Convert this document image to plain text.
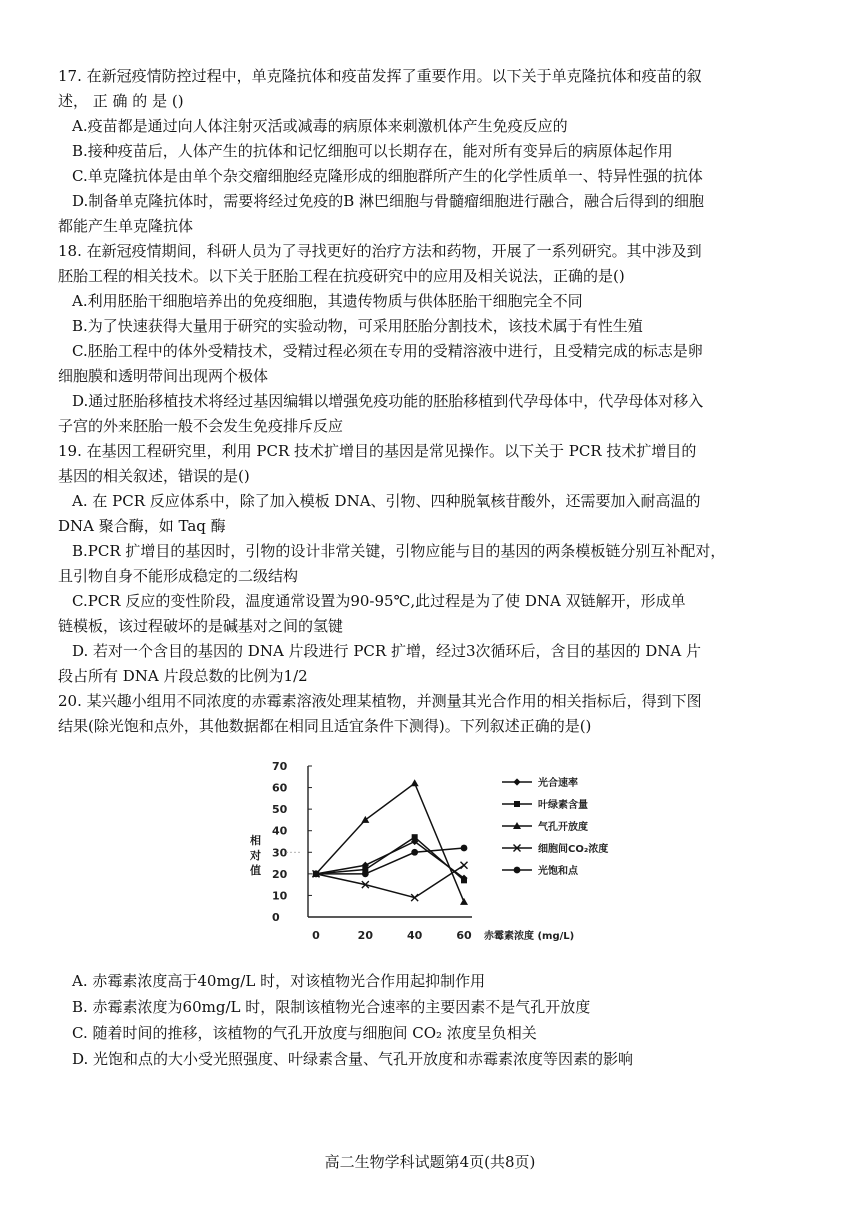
17. 在新冠疫情防控过程中，单克隆抗体和疫苗发挥了重要作用。以下关于单克隆抗体和疫苗的叙
述， 正 确 的 是 ()
A.疫苗都是通过向人体注射灭活或减毒的病原体来刺激机体产生免疫反应的
B.接种疫苗后，人体产生的抗体和记忆细胞可以长期存在，能对所有变异后的病原体起作用
C.单克隆抗体是由单个杂交瘤细胞经克隆形成的细胞群所产生的化学性质单一、特异性强的抗体
D.制备单克隆抗体时，需要将经过免疫的B 淋巴细胞与骨髓瘤细胞进行融合，融合后得到的细胞
都能产生单克隆抗体
18. 在新冠疫情期间，科研人员为了寻找更好的治疗方法和药物，开展了一系列研究。其中涉及到
胚胎工程的相关技术。以下关于胚胎工程在抗疫研究中的应用及相关说法，正确的是()
A.利用胚胎干细胞培养出的免疫细胞，其遗传物质与供体胚胎干细胞完全不同
B.为了快速获得大量用于研究的实验动物，可采用胚胎分割技术，该技术属于有性生殖
C.胚胎工程中的体外受精技术，受精过程必须在专用的受精溶液中进行，且受精完成的标志是卵
细胞膜和透明带间出现两个极体
D.通过胚胎移植技术将经过基因编辑以增强免疫功能的胚胎移植到代孕母体中，代孕母体对移入
子宫的外来胚胎一般不会发生免疫排斥反应
19. 在基因工程研究里，利用 PCR 技术扩增目的基因是常见操作。以下关于 PCR 技术扩增目的
基因的相关叙述，错误的是()
A. 在 PCR 反应体系中，除了加入模板 DNA、引物、四种脱氧核苷酸外，还需要加入耐高温的
DNA 聚合酶，如 Taq 酶
B.PCR 扩增目的基因时，引物的设计非常关键，引物应能与目的基因的两条模板链分别互补配对，
且引物自身不能形成稳定的二级结构
C.PCR 反应的变性阶段，温度通常设置为90-95℃,此过程是为了使 DNA 双链解开，形成单
链模板，该过程破坏的是碱基对之间的氢键
D. 若对一个含目的基因的 DNA 片段进行 PCR 扩增，经过3次循环后，含目的基因的 DNA 片
段占所有 DNA 片段总数的比例为1/2
20. 某兴趣小组用不同浓度的赤霉素溶液处理某植物，并测量其光合作用的相关指标后，得到下图
结果(除光饱和点外，其他数据都在相同且适宜条件下测得)。下列叙述正确的是()
0
10
20
30
40
50
60
70
0	20	40	60
相
对
值
赤霉素浓度 (mg/L)
光合速率
叶绿素含量
气孔开放度
细胞间CO₂浓度
光饱和点
A. 赤霉素浓度高于40mg/L 时，对该植物光合作用起抑制作用
B. 赤霉素浓度为60mg/L 时，限制该植物光合速率的主要因素不是气孔开放度
C. 随着时间的推移，该植物的气孔开放度与细胞间 CO₂ 浓度呈负相关
D. 光饱和点的大小受光照强度、叶绿素含量、气孔开放度和赤霉素浓度等因素的影响
高二生物学科试题第4页(共8页)
